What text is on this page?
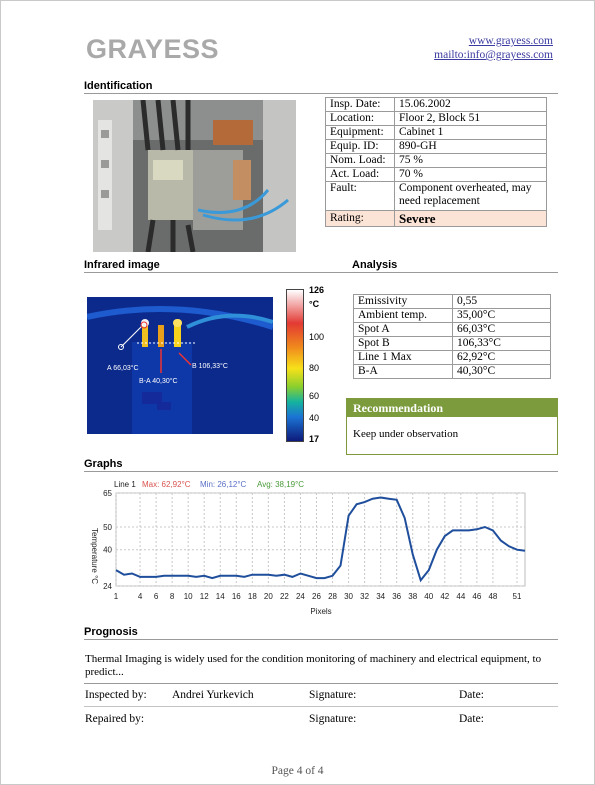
GRAYESS	www.grayess.com
mailto:info@grayess.com
Identification
Insp. Date:	15.06.2002
Location:	Floor 2, Block 51
Equipment:	Cabinet 1
Equip. ID:	890-GH
Nom. Load:	75 %
Act. Load:	70 %
Fault:	Component overheated, may need replacement
Rating:	Severe
Infrared image	Analysis
A 66,03°C
B-A 40,30°C
B 106,33°C
126
°C
100
80
60
40
17
Emissivity	0,55
Ambient temp.	35,00°C
Spot A	66,03°C
Spot B	106,33°C
Line 1 Max	62,92°C
B-A	40,30°C
Recommendation
Keep under observation
Graphs
Line 1 Max: 62,92°C Min: 26,12°C Avg: 38,19°C
1 4 6 8 10 12 14 16 18 20 22 24 26 28 30 32 34 36 38 40 42 44 46 48 51
24
40
50
65
Pixels
Temperature °C
Prognosis
Thermal Imaging is widely used for the condition monitoring of machinery and electrical equipment, to predict...
Inspected by: Andrei Yurkevich	Signature:	Date:
Repaired by:	Signature:	Date:
Page 4 of 4
